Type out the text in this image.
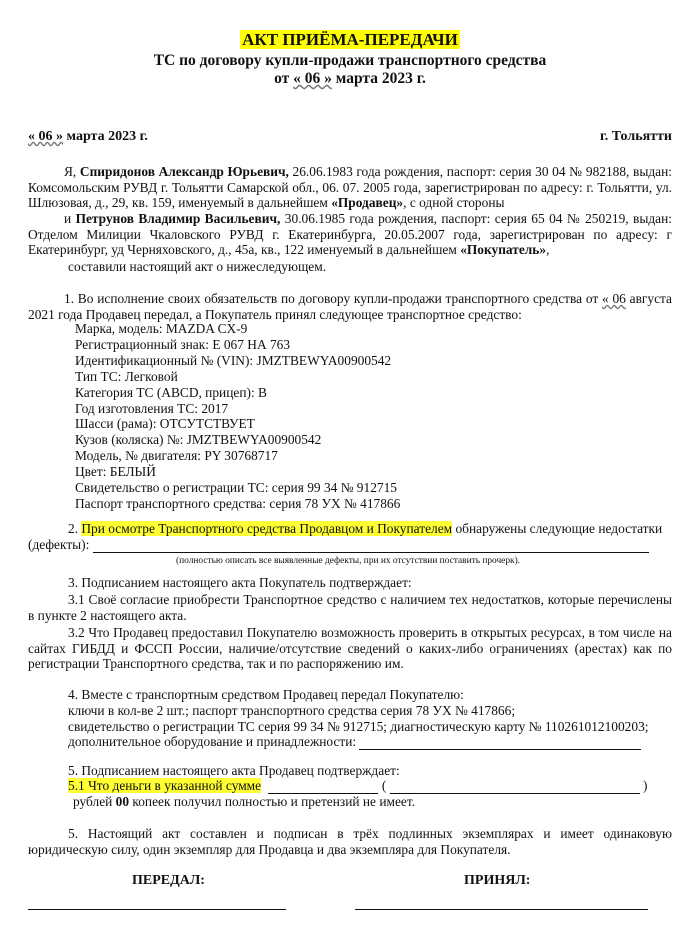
АКТ ПРИЁМА-ПЕРЕДАЧИ
ТС по договору купли-продажи транспортного средства
от « 06 » марта 2023 г.
« 06 » марта 2023 г.	г. Тольятти
Я, Спиридонов Александр Юрьевич, 26.06.1983 года рождения, паспорт: серия 30 04 № 982188, выдан: Комсомольским РУВД г. Тольятти Самарской обл., 06. 07. 2005 года, зарегистрирован по адресу: г. Тольятти, ул. Шлюзовая, д., 29, кв. 159, именуемый в дальнейшем «Продавец», с одной стороны
и Петрунов Владимир Васильевич, 30.06.1985 года рождения, паспорт: серия 65 04 № 250219, выдан: Отделом Милиции Чкаловского РУВД г. Екатеринбурга, 20.05.2007 года, зарегистрирован по адресу: г Екатеринбург, уд Черняховского, д., 45а, кв., 122 именуемый в дальнейшем «Покупатель»,
составили настоящий акт о нижеследующем.
1. Во исполнение своих обязательств по договору купли-продажи транспортного средства от « 06 августа 2021 года Продавец передал, а Покупатель принял следующее транспортное средство:
Марка, модель: MAZDA CX-9
Регистрационный знак: Е 067 НА 763
Идентификационный № (VIN): JMZTBEWYA00900542
Тип ТС: Легковой
Категория ТС (ABCD, прицеп): В
Год изготовления ТС: 2017
Шасси (рама): ОТСУТСТВУЕТ
Кузов (коляска) №: JMZTBEWYA00900542
Модель, № двигателя: PY 30768717
Цвет: БЕЛЫЙ
Свидетельство о регистрации ТС: серия 99 34 № 912715
Паспорт транспортного средства: серия 78 УХ № 417866
2. При осмотре Транспортного средства Продавцом и Покупателем обнаружены следующие недостатки
(дефекты):
(полностью описать все выявленные дефекты, при их отсутствии поставить прочерк).
3. Подписанием настоящего акта Покупатель подтверждает:
3.1 Своё согласие приобрести Транспортное средство с наличием тех недостатков, которые перечислены в пункте 2 настоящего акта.
3.2 Что Продавец предоставил Покупателю возможность проверить в открытых ресурсах, в том числе на сайтах ГИБДД и ФССП России, наличие/отсутствие сведений о каких-либо ограничениях (арестах) как по регистрации Транспортного средства, так и по распоряжению им.
4. Вместе с транспортным средством Продавец передал Покупателю:
ключи в кол-ве 2 шт.; паспорт транспортного средства серия 78 УХ № 417866;
свидетельство о регистрации ТС серия 99 34 № 912715; диагностическую карту № 110261012100203;
дополнительное оборудование и принадлежности:
5. Подписанием настоящего акта Продавец подтверждает:
5.1 Что деньги в указанной сумме	(	)
рублей 00 копеек получил полностью и претензий не имеет.
5. Настоящий акт составлен и подписан в трёх подлинных экземплярах и имеет одинаковую юридическую силу, один экземпляр для Продавца и два экземпляра для Покупателя.
ПЕРЕДАЛ:	ПРИНЯЛ:
